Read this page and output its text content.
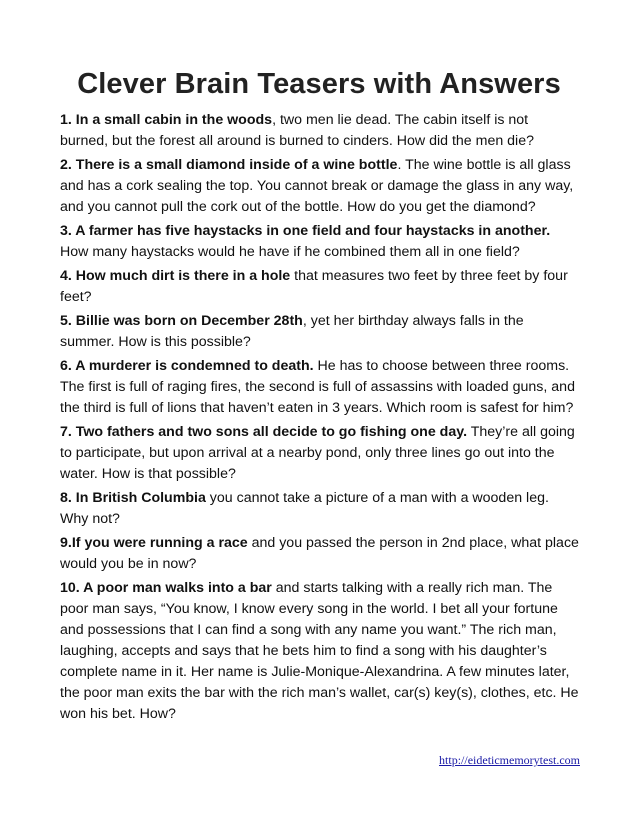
Clever Brain Teasers with Answers

1. In a small cabin in the woods, two men lie dead. The cabin itself is not burned, but the forest all around is burned to cinders. How did the men die?

2. There is a small diamond inside of a wine bottle. The wine bottle is all glass and has a cork sealing the top. You cannot break or damage the glass in any way, and you cannot pull the cork out of the bottle. How do you get the diamond?

3. A farmer has five haystacks in one field and four haystacks in another. How many haystacks would he have if he combined them all in one field?

4. How much dirt is there in a hole that measures two feet by three feet by four feet?

5. Billie was born on December 28th, yet her birthday always falls in the summer. How is this possible?

6. A murderer is condemned to death. He has to choose between three rooms. The first is full of raging fires, the second is full of assassins with loaded guns, and the third is full of lions that haven’t eaten in 3 years. Which room is safest for him?

7. Two fathers and two sons all decide to go fishing one day. They’re all going to participate, but upon arrival at a nearby pond, only three lines go out into the water. How is that possible?

8. In British Columbia you cannot take a picture of a man with a wooden leg. Why not?

9.If you were running a race and you passed the person in 2nd place, what place would you be in now?

10. A poor man walks into a bar and starts talking with a really rich man. The poor man says, “You know, I know every song in the world. I bet all your fortune and possessions that I can find a song with any name you want.” The rich man, laughing, accepts and says that he bets him to find a song with his daughter’s complete name in it. Her name is Julie-Monique-Alexandrina. A few minutes later, the poor man exits the bar with the rich man’s wallet, car(s) key(s), clothes, etc. He won his bet. How?

http://eideticmemorytest.com
